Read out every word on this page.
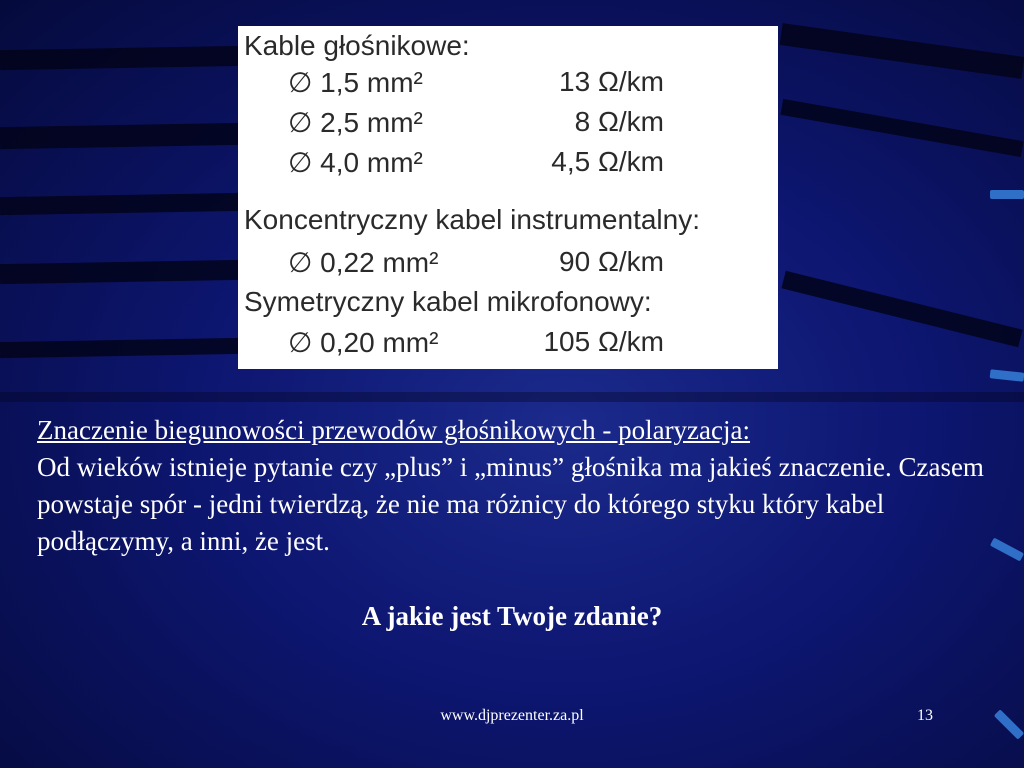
Kable głośnikowe:
∅ 1,5 mm²	13 Ω/km
∅ 2,5 mm²	8 Ω/km
∅ 4,0 mm²	4,5 Ω/km
Koncentryczny kabel instrumentalny:
∅ 0,22 mm²	90 Ω/km
Symetryczny kabel mikrofonowy:
∅ 0,20 mm²	105 Ω/km
Znaczenie biegunowości przewodów głośnikowych - polaryzacja:
Od wieków istnieje pytanie czy „plus” i „minus” głośnika ma jakieś znaczenie. Czasem powstaje spór - jedni twierdzą, że nie ma różnicy do którego styku który kabel podłączymy, a inni, że jest.
A jakie jest Twoje zdanie?
www.djprezenter.za.pl	13
